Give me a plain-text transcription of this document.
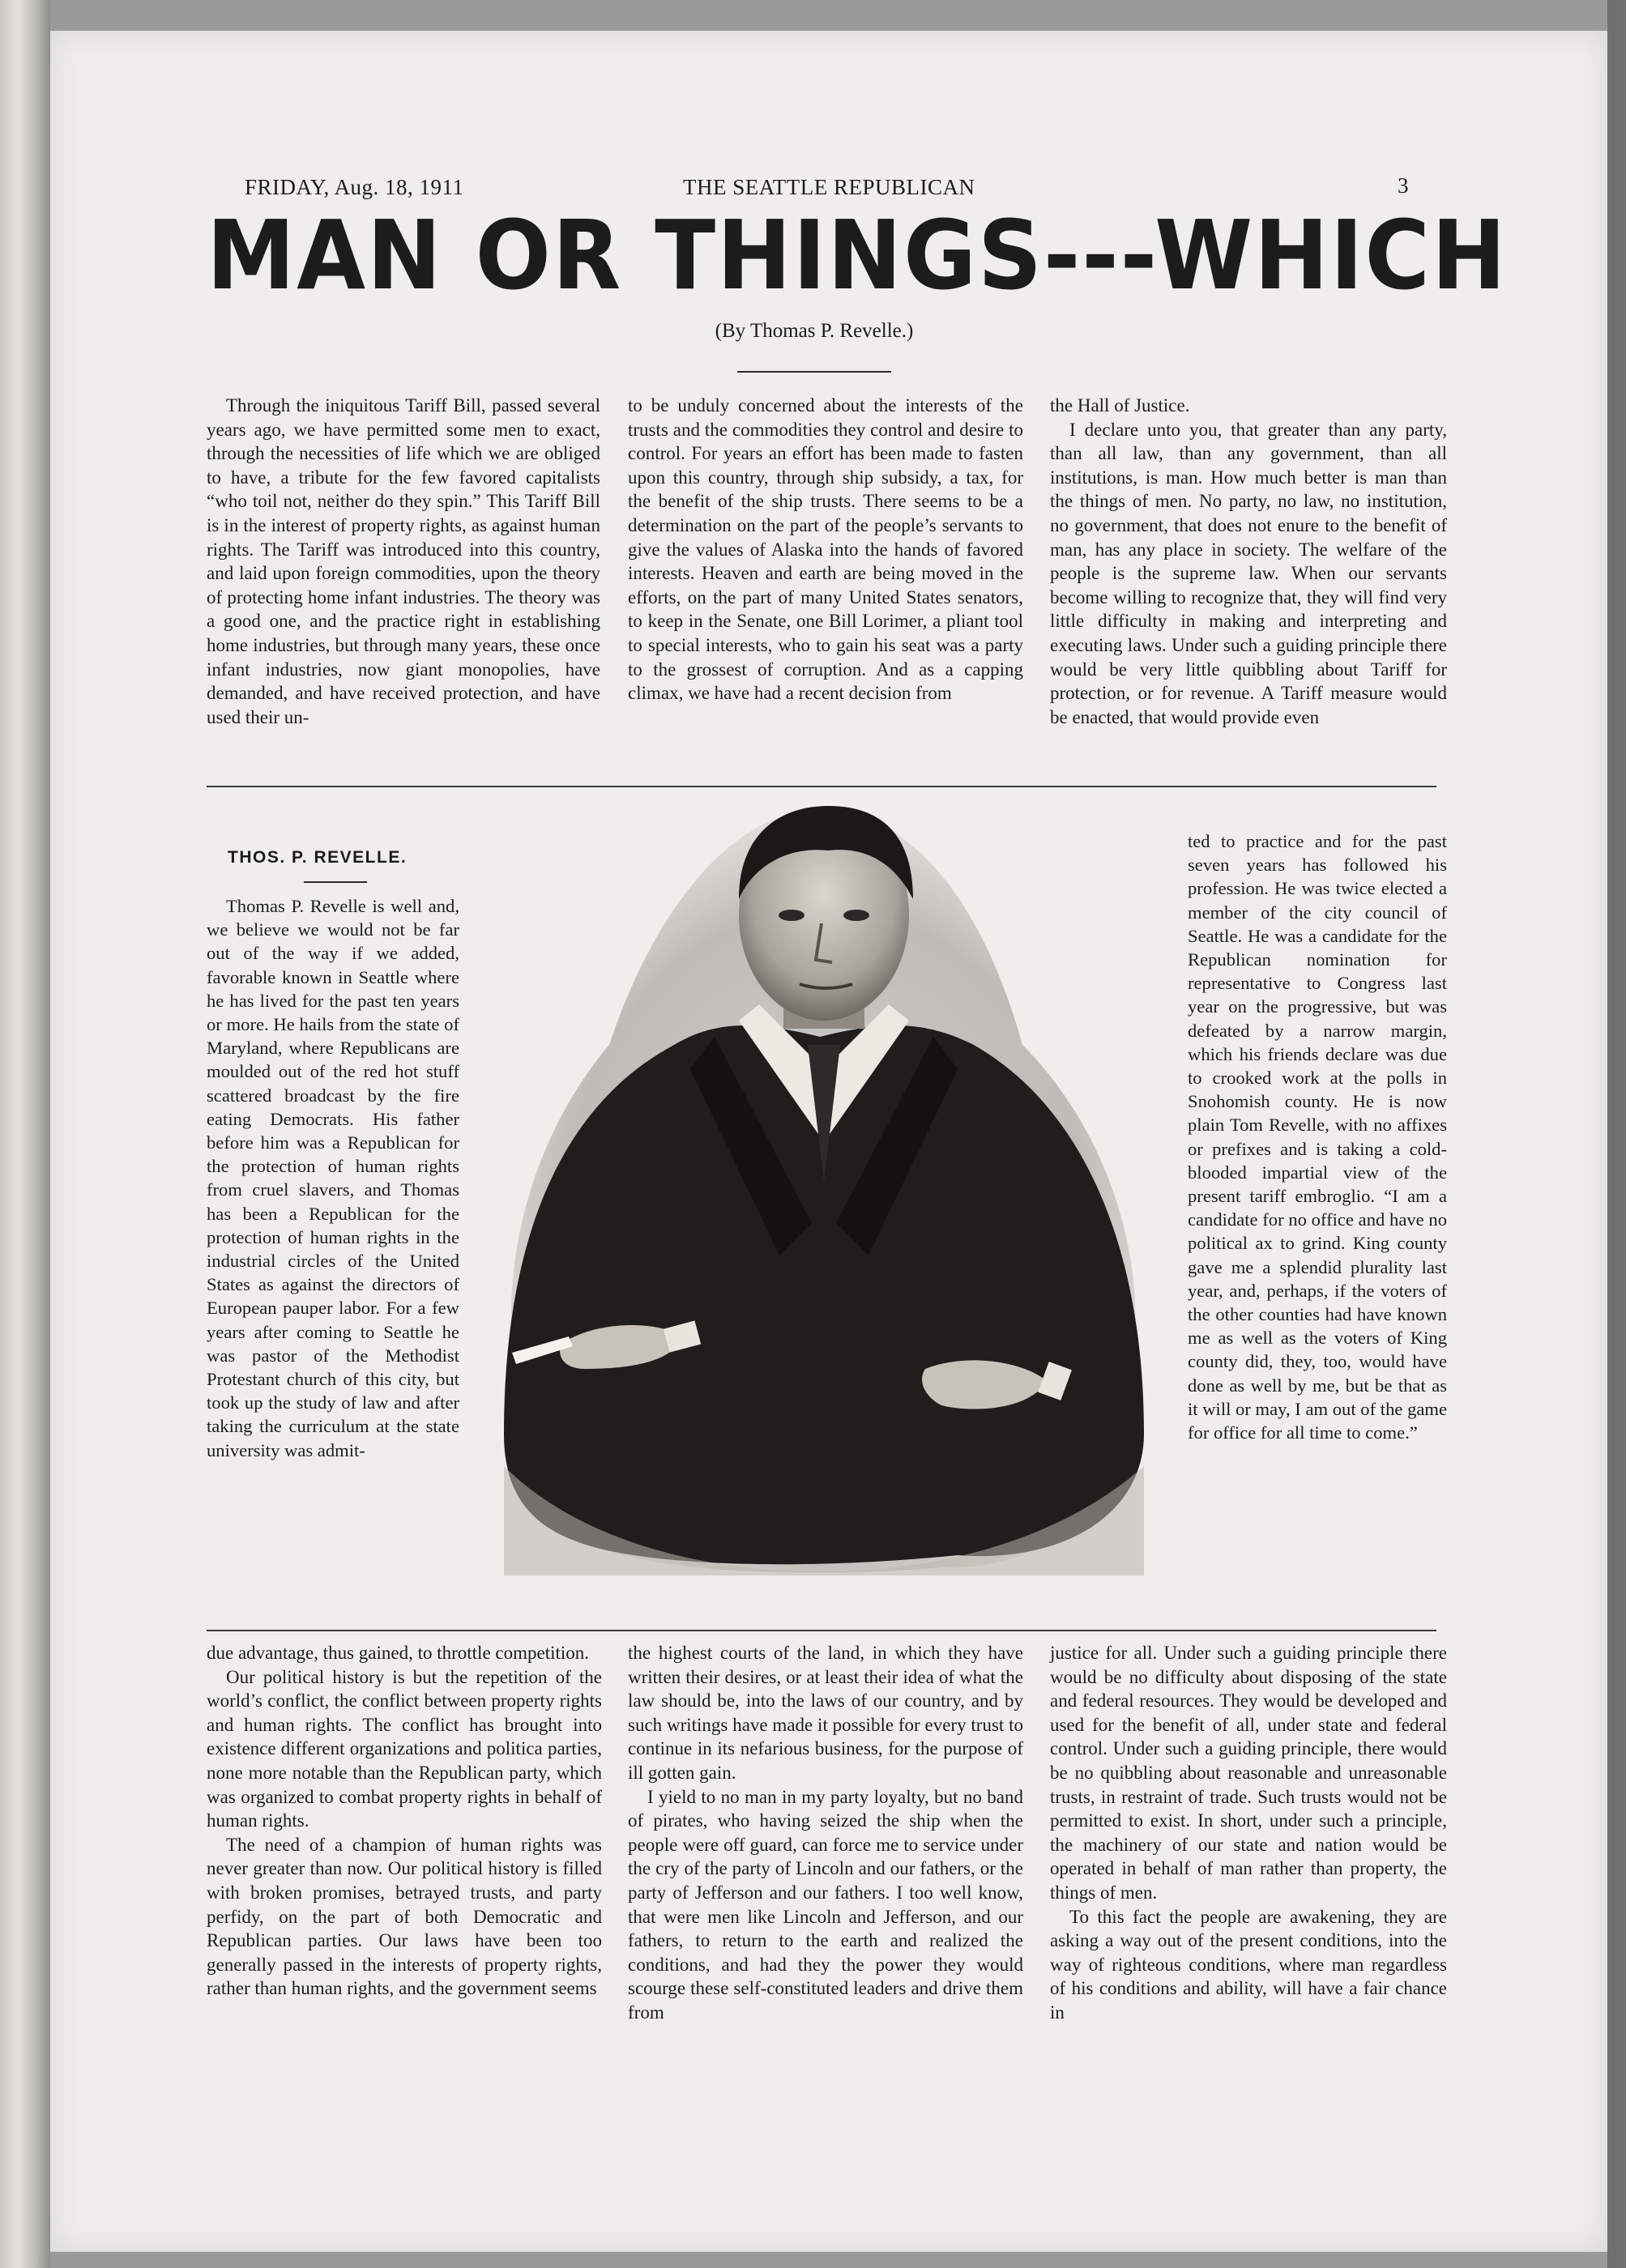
FRIDAY, Aug. 18, 1911	THE SEATTLE REPUBLICAN	3
MAN OR THINGS---WHICH
(By Thomas P. Revelle.)

Through the iniquitous Tariff Bill, passed several years ago, we have permitted some men to exact, through the necessities of life which we are obliged to have, a tribute for the few favored capitalists “who toil not, neither do they spin.” This Tariff Bill is in the interest of property rights, as against human rights. The Tariff was introduced into this country, and laid upon foreign commodities, upon the theory of protecting home infant industries. The theory was a good one, and the practice right in establishing home industries, but through many years, these once infant industries, now giant monopolies, have demanded, and have received protection, and have used their un-

to be unduly concerned about the interests of the trusts and the commodities they control and desire to control. For years an effort has been made to fasten upon this country, through ship subsidy, a tax, for the benefit of the ship trusts. There seems to be a determination on the part of the people’s servants to give the values of Alaska into the hands of favored interests. Heaven and earth are being moved in the efforts, on the part of many United States senators, to keep in the Senate, one Bill Lorimer, a pliant tool to special interests, who to gain his seat was a party to the grossest of corruption. And as a capping climax, we have had a recent decision from

the Hall of Justice.

I declare unto you, that greater than any party, than all law, than any government, than all institutions, is man. How much better is man than the things of men. No party, no law, no institution, no government, that does not enure to the benefit of man, has any place in society. The welfare of the people is the supreme law. When our servants become willing to recognize that, they will find very little difficulty in making and interpreting and executing laws. Under such a guiding principle there would be very little quibbling about Tariff for protection, or for revenue. A Tariff measure would be enacted, that would provide even

THOS. P. REVELLE.

Thomas P. Revelle is well and, we believe we would not be far out of the way if we added, favorable known in Seattle where he has lived for the past ten years or more. He hails from the state of Maryland, where Republicans are moulded out of the red hot stuff scattered broadcast by the fire eating Democrats. His father before him was a Republican for the protection of human rights from cruel slavers, and Thomas has been a Republican for the protection of human rights in the industrial circles of the United States as against the directors of European pauper labor. For a few years after coming to Seattle he was pastor of the Methodist Protestant church of this city, but took up the study of law and after taking the curriculum at the state university was admit-

ted to practice and for the past seven years has followed his profession. He was twice elected a member of the city council of Seattle. He was a candidate for the Republican nomination for representative to Congress last year on the progressive, but was defeated by a narrow margin, which his friends declare was due to crooked work at the polls in Snohomish county. He is now plain Tom Revelle, with no affixes or prefixes and is taking a cold-blooded impartial view of the present tariff embroglio. “I am a candidate for no office and have no political ax to grind. King county gave me a splendid plurality last year, and, perhaps, if the voters of the other counties had have known me as well as the voters of King county did, they, too, would have done as well by me, but be that as it will or may, I am out of the game for office for all time to come.”

due advantage, thus gained, to throttle competition.

Our political history is but the repetition of the world’s conflict, the conflict between property rights and human rights. The conflict has brought into existence different organizations and politica parties, none more notable than the Republican party, which was organized to combat property rights in behalf of human rights.

The need of a champion of human rights was never greater than now. Our political history is filled with broken promises, betrayed trusts, and party perfidy, on the part of both Democratic and Republican parties. Our laws have been too generally passed in the interests of property rights, rather than human rights, and the government seems

the highest courts of the land, in which they have written their desires, or at least their idea of what the law should be, into the laws of our country, and by such writings have made it possible for every trust to continue in its nefarious business, for the purpose of ill gotten gain.

I yield to no man in my party loyalty, but no band of pirates, who having seized the ship when the people were off guard, can force me to service under the cry of the party of Lincoln and our fathers, or the party of Jefferson and our fathers. I too well know, that were men like Lincoln and Jefferson, and our fathers, to return to the earth and realized the conditions, and had they the power they would scourge these self-constituted leaders and drive them from

justice for all. Under such a guiding principle there would be no difficulty about disposing of the state and federal resources. They would be developed and used for the benefit of all, under state and federal control. Under such a guiding principle, there would be no quibbling about reasonable and unreasonable trusts, in restraint of trade. Such trusts would not be permitted to exist. In short, under such a principle, the machinery of our state and nation would be operated in behalf of man rather than property, the things of men.

To this fact the people are awakening, they are asking a way out of the present conditions, into the way of righteous conditions, where man regardless of his conditions and ability, will have a fair chance in
